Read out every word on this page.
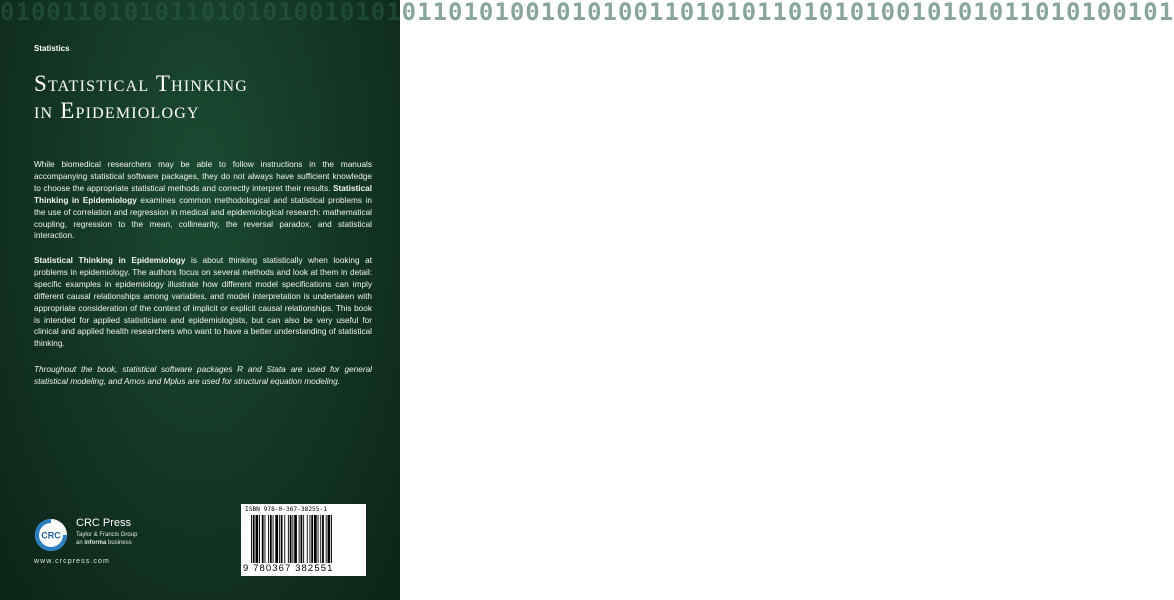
0100110101011010101001010101101010010101001101010110101010010101011010100101
Statistics
Statistical Thinking
in Epidemiology

While biomedical researchers may be able to follow instructions in the manuals accompanying statistical software packages, they do not always have sufficient knowledge to choose the appropriate statistical methods and correctly interpret their results. Statistical Thinking in Epidemiology examines common methodological and statistical problems in the use of correlation and regression in medical and epidemiological research: mathematical coupling, regression to the mean, collinearity, the reversal paradox, and statistical interaction.

Statistical Thinking in Epidemiology is about thinking statistically when looking at problems in epidemiology. The authors focus on several methods and look at them in detail: specific examples in epidemiology illustrate how different model specifications can imply different causal relationships among variables, and model interpretation is undertaken with appropriate consideration of the context of implicit or explicit causal relationships. This book is intended for applied statisticians and epidemiologists, but can also be very useful for clinical and applied health researchers who want to have a better understanding of statistical thinking.

Throughout the book, statistical software packages R and Stata are used for general statistical modeling, and Amos and Mplus are used for structural equation modeling.

CRC
CRC Press
Taylor & Francis Group
an informa business
www.crcpress.com
ISBN 978-0-367-38255-1
9 780367 382551
